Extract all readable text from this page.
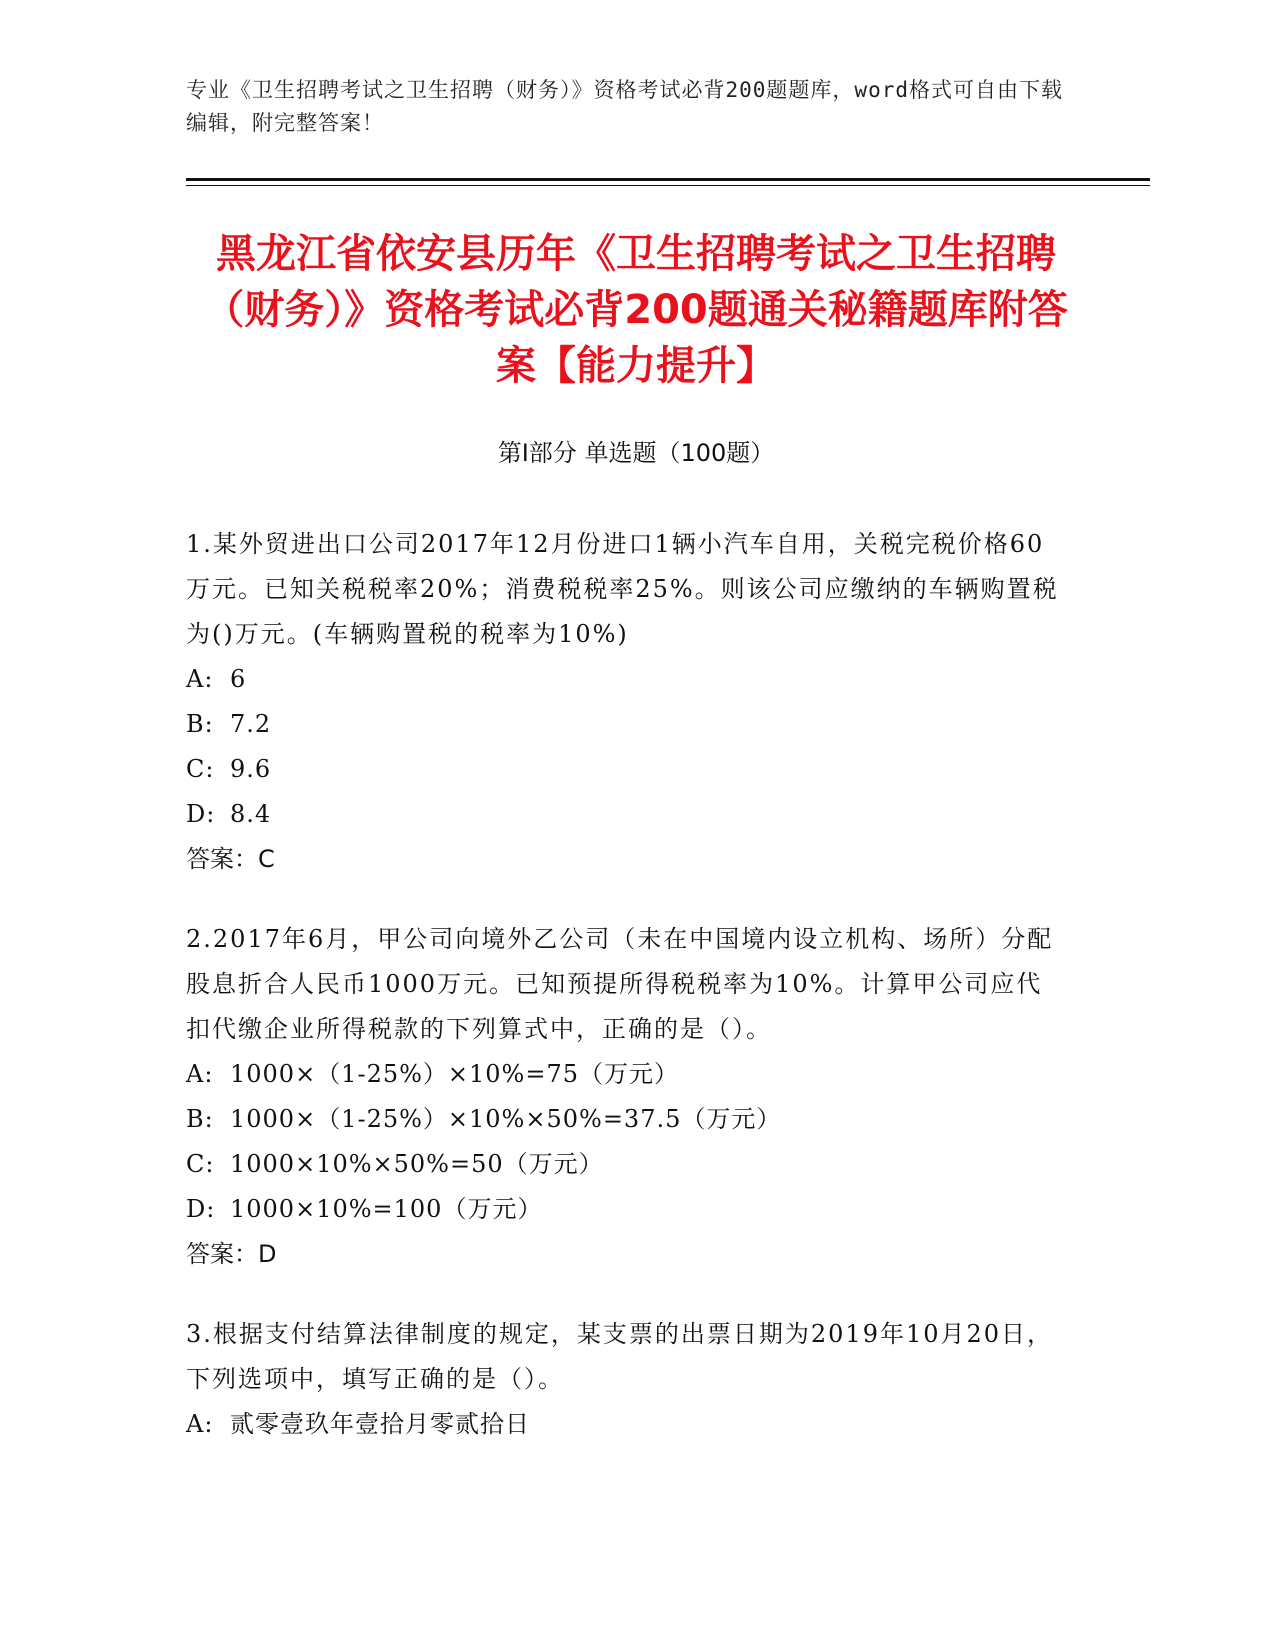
专业《卫生招聘考试之卫生招聘（财务）》资格考试必背200题题库，word格式可自由下载编辑，附完整答案！
黑龙江省依安县历年《卫生招聘考试之卫生招聘（财务）》资格考试必背200题通关秘籍题库附答案【能力提升】
第Ⅰ部分 单选题（100题）

1.某外贸进出口公司2017年12月份进口1辆小汽车自用，关税完税价格60万元。已知关税税率20%；消费税税率25%。则该公司应缴纳的车辆购置税为()万元。(车辆购置税的税率为10%)

A: 6

B: 7.2

C: 9.6

D: 8.4

答案：C

2.2017年6月，甲公司向境外乙公司（未在中国境内设立机构、场所）分配股息折合人民币1000万元。已知预提所得税税率为10%。计算甲公司应代扣代缴企业所得税款的下列算式中，正确的是（）。

A: 1000×（1-25%）×10%=75（万元）

B: 1000×（1-25%）×10%×50%=37.5（万元）

C: 1000×10%×50%=50（万元）

D: 1000×10%=100（万元）

答案：D

3.根据支付结算法律制度的规定，某支票的出票日期为2019年10月20日，下列选项中，填写正确的是（）。

A: 贰零壹玖年壹拾月零贰拾日
